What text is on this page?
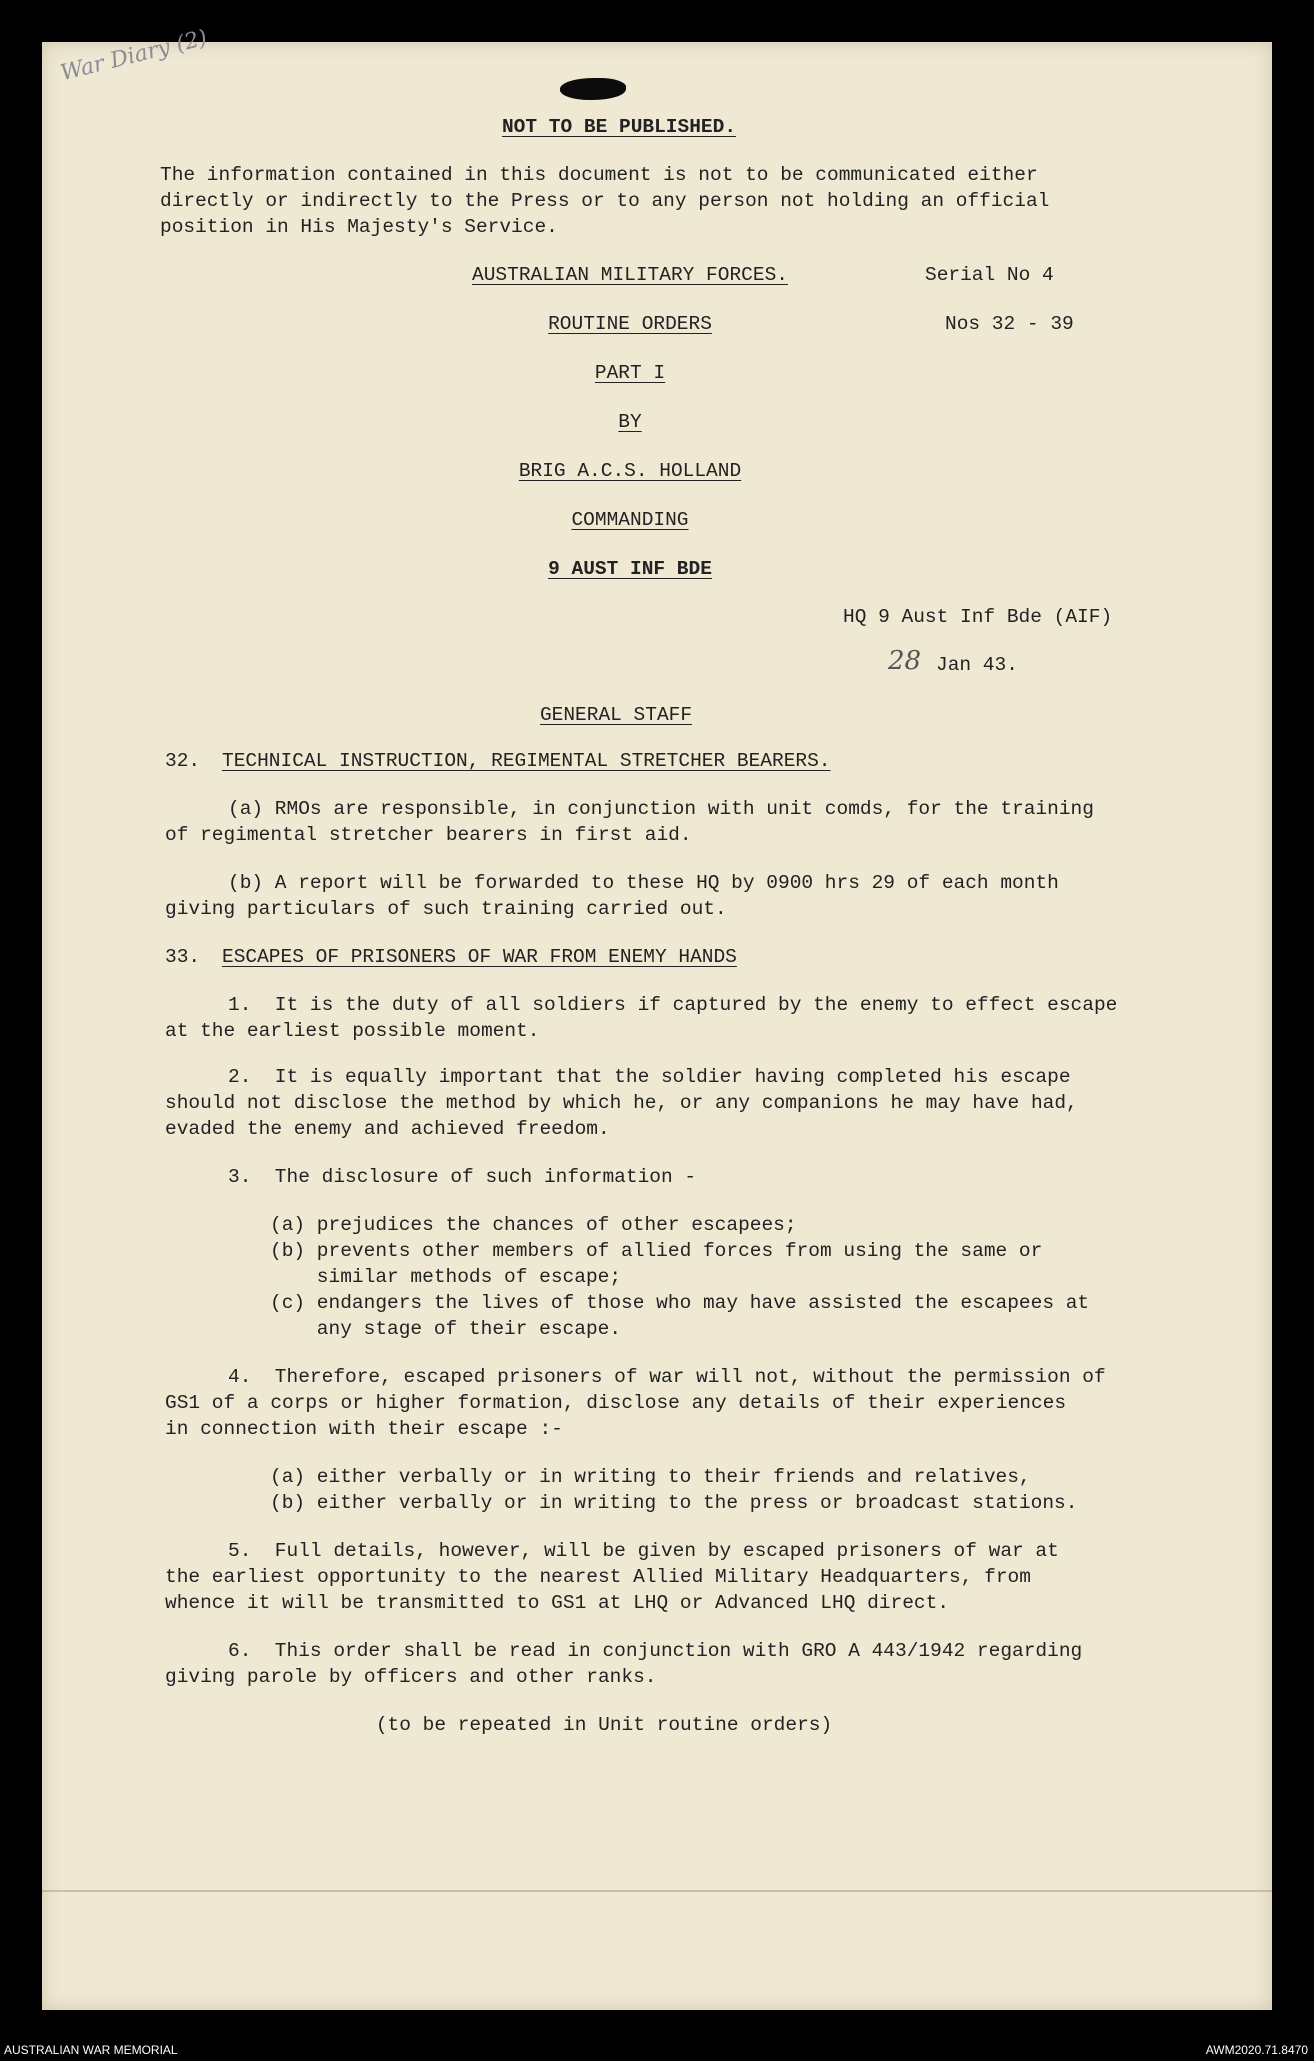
War Diary (2)
NOT TO BE PUBLISHED.
The information contained in this document is not to be communicated either
directly or indirectly to the Press or to any person not holding an official
position in His Majesty's Service.
AUSTRALIAN MILITARY FORCES.	Serial No 4
ROUTINE ORDERS	Nos 32 - 39
PART I
BY
BRIG A.C.S. HOLLAND
COMMANDING
9 AUST INF BDE
HQ 9 Aust Inf Bde (AIF)
28 Jan 43.
GENERAL STAFF
32. TECHNICAL INSTRUCTION, REGIMENTAL STRETCHER BEARERS.
(a) RMOs are responsible, in conjunction with unit comds, for the training
of regimental stretcher bearers in first aid.
(b) A report will be forwarded to these HQ by 0900 hrs 29 of each month
giving particulars of such training carried out.
33. ESCAPES OF PRISONERS OF WAR FROM ENEMY HANDS
1.  It is the duty of all soldiers if captured by the enemy to effect escape
at the earliest possible moment.
2.  It is equally important that the soldier having completed his escape
should not disclose the method by which he, or any companions he may have had,
evaded the enemy and achieved freedom.
3.  The disclosure of such information -
(a) prejudices the chances of other escapees;
(b) prevents other members of allied forces from using the same or
similar methods of escape;
(c) endangers the lives of those who may have assisted the escapees at
any stage of their escape.
4.  Therefore, escaped prisoners of war will not, without the permission of
GS1 of a corps or higher formation, disclose any details of their experiences
in connection with their escape :-
(a) either verbally or in writing to their friends and relatives,
(b) either verbally or in writing to the press or broadcast stations.
5.  Full details, however, will be given by escaped prisoners of war at
the earliest opportunity to the nearest Allied Military Headquarters, from
whence it will be transmitted to GS1 at LHQ or Advanced LHQ direct.
6.  This order shall be read in conjunction with GRO A 443/1942 regarding
giving parole by officers and other ranks.
(to be repeated in Unit routine orders)
AUSTRALIAN WAR MEMORIAL	AWM2020.71.8470
